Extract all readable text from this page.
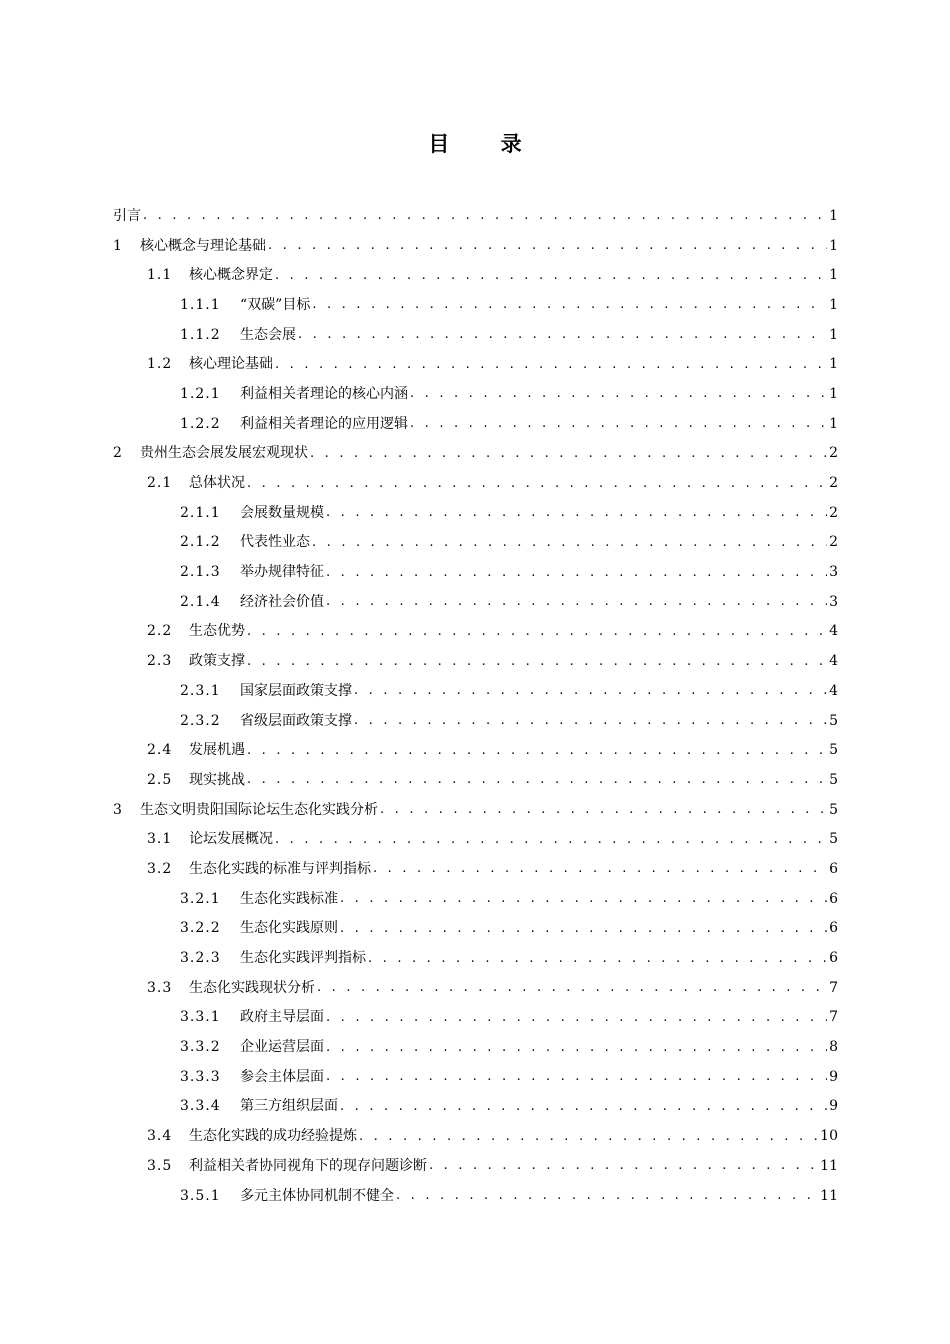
目 录
引言 . . .	1
1	核心概念与理论基础 . . .	1
1.1	核心概念界定 . . .	1
1.1.1	“双碳”目标 . . .	1
1.1.2	生态会展 . . .	1
1.2	核心理论基础 . . .	1
1.2.1	利益相关者理论的核心内涵 . . .	1
1.2.2	利益相关者理论的应用逻辑 . . .	1
2	贵州生态会展发展宏观现状 . . .	2
2.1	总体状况 . . .	2
2.1.1	会展数量规模 . . .	2
2.1.2	代表性业态 . . .	2
2.1.3	举办规律特征 . . .	3
2.1.4	经济社会价值 . . .	3
2.2	生态优势 . . .	4
2.3	政策支撑 . . .	4
2.3.1	国家层面政策支撑 . . .	4
2.3.2	省级层面政策支撑 . . .	5
2.4	发展机遇 . . .	5
2.5	现实挑战 . . .	5
3	生态文明贵阳国际论坛生态化实践分析 . . .	5
3.1	论坛发展概况 . . .	5
3.2	生态化实践的标准与评判指标 . . .	6
3.2.1	生态化实践标准 . . .	6
3.2.2	生态化实践原则 . . .	6
3.2.3	生态化实践评判指标 . . .	6
3.3	生态化实践现状分析 . . .	7
3.3.1	政府主导层面 . . .	7
3.3.2	企业运营层面 . . .	8
3.3.3	参会主体层面 . . .	9
3.3.4	第三方组织层面 . . .	9
3.4	生态化实践的成功经验提炼 . . .	10
3.5	利益相关者协同视角下的现存问题诊断 . . .	11
3.5.1	多元主体协同机制不健全 . . .	11
